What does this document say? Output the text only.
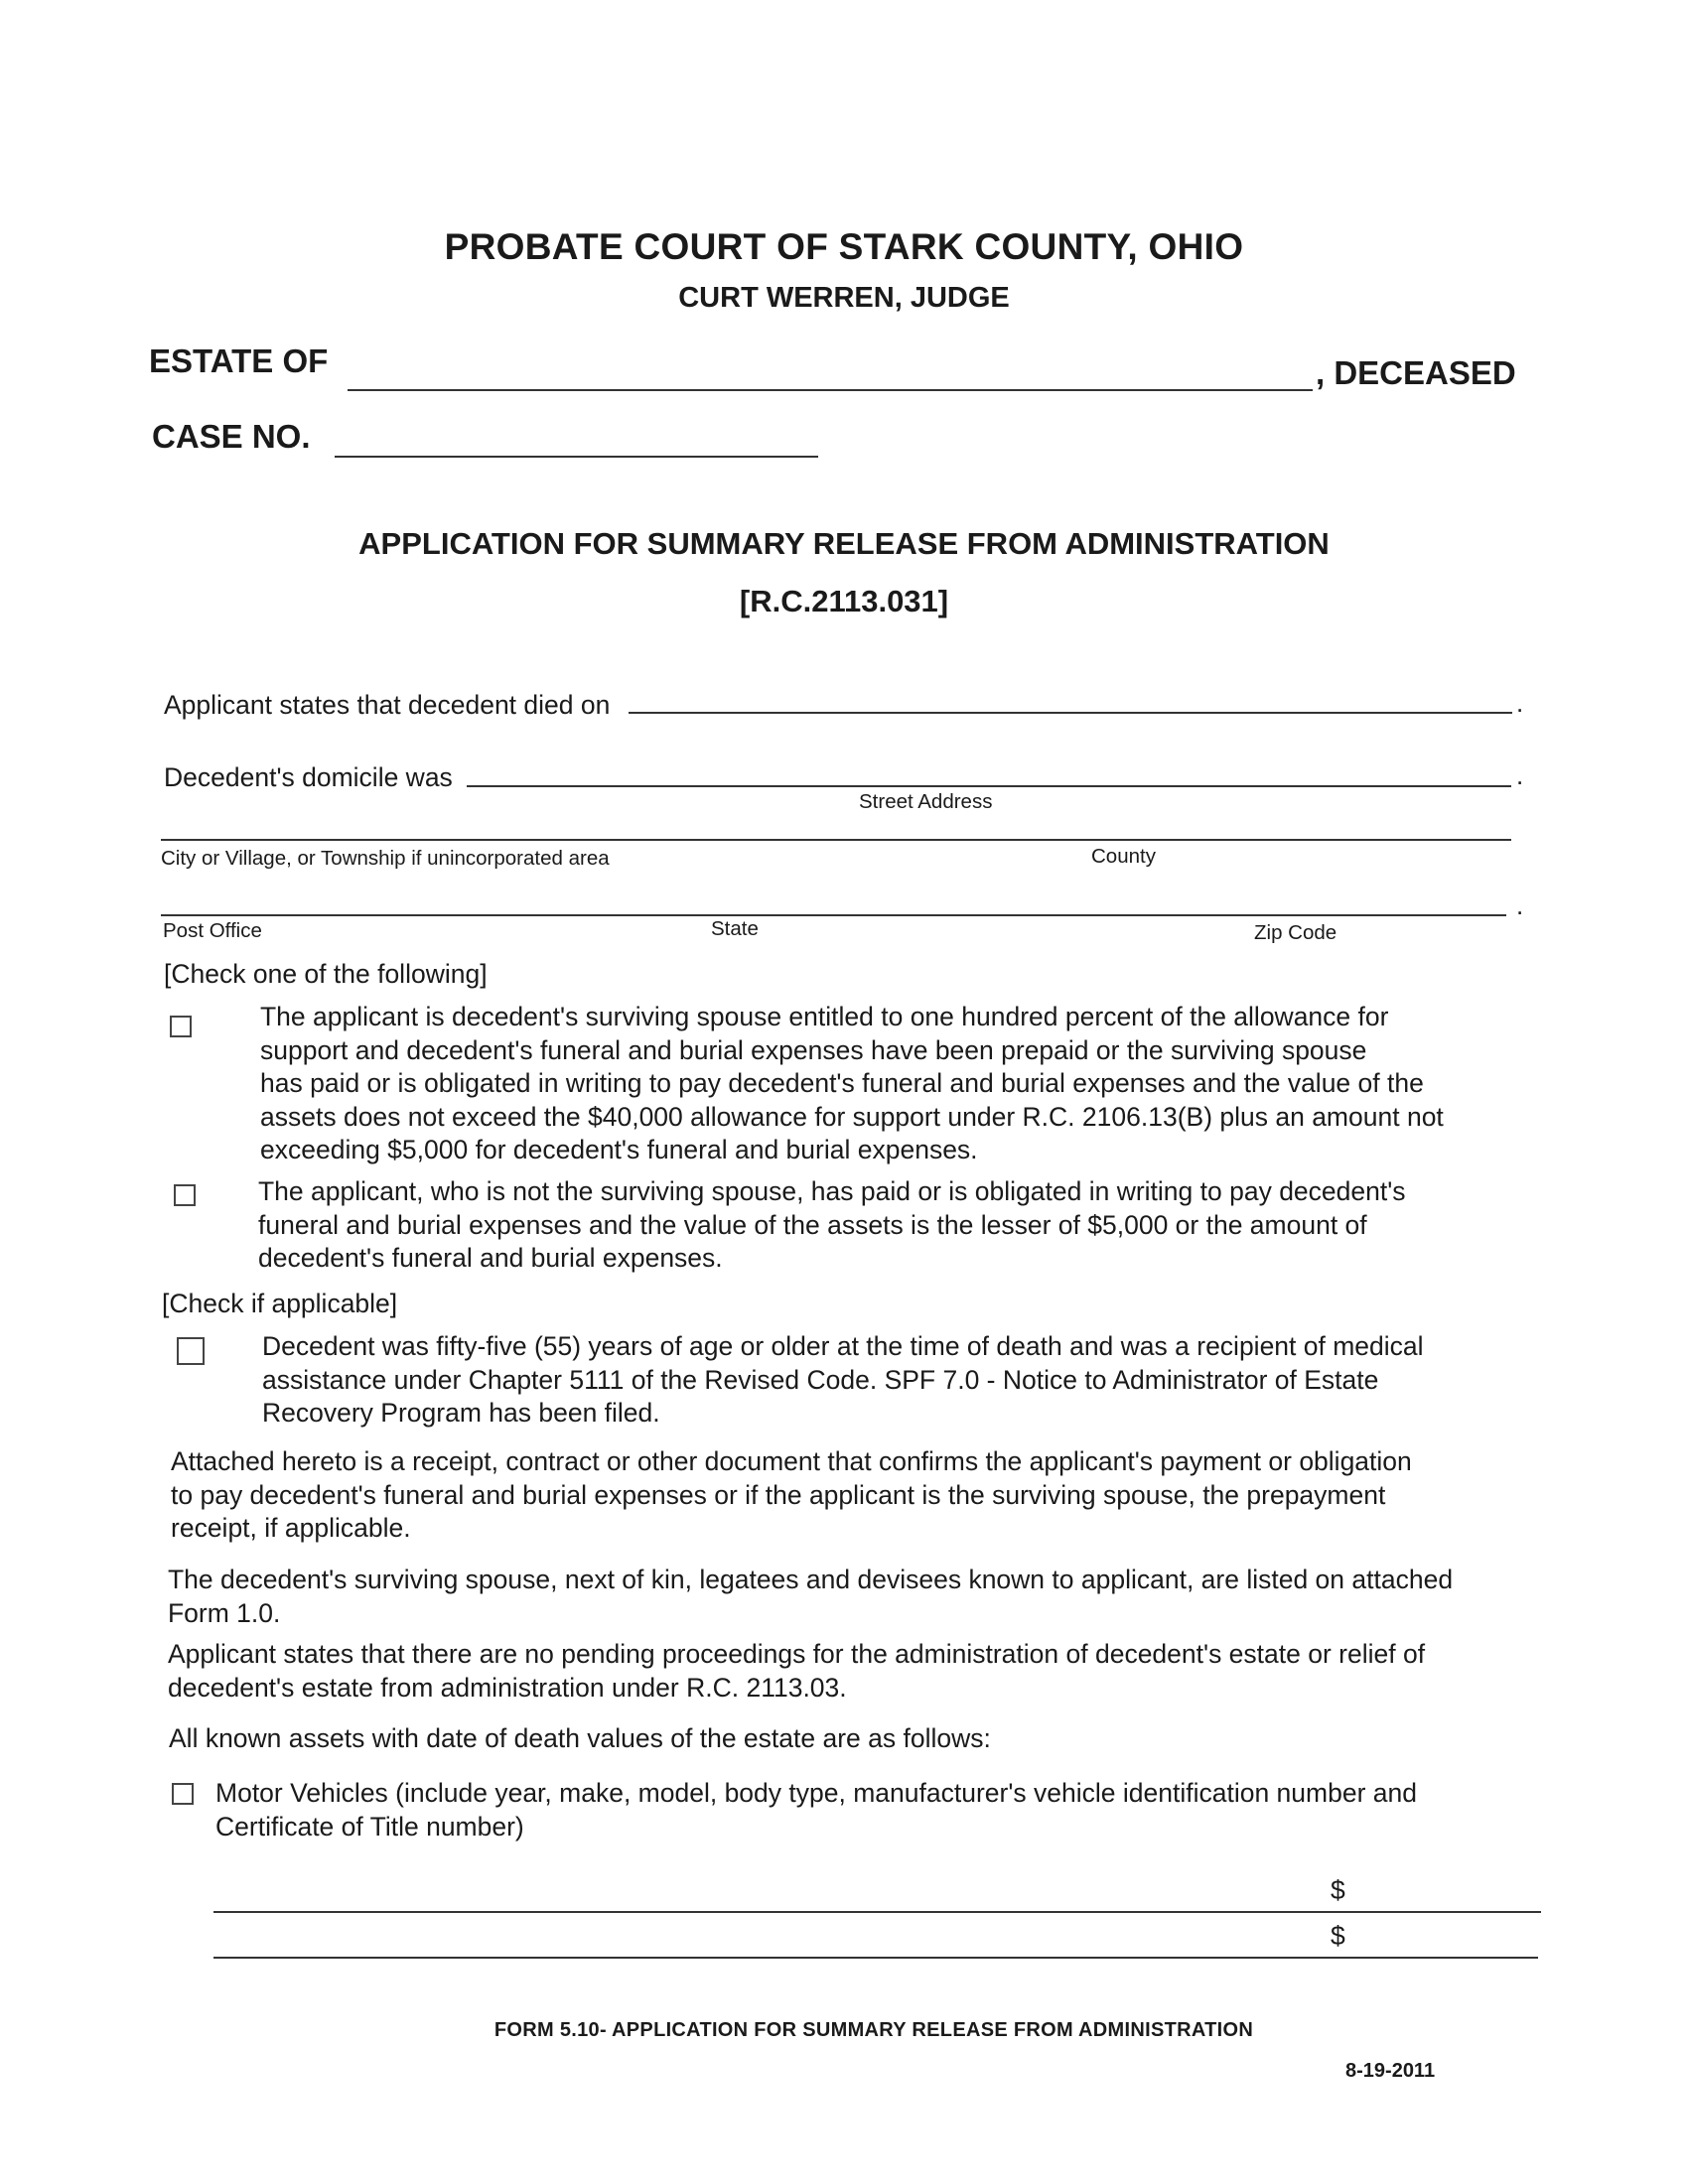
PROBATE COURT OF STARK COUNTY, OHIO
CURT WERREN, JUDGE
ESTATE OF	, DECEASED
CASE NO.
APPLICATION FOR SUMMARY RELEASE FROM ADMINISTRATION
[R.C.2113.031]
Applicant states that decedent died on	.
Decedent's domicile was	.
Street Address
City or Village, or Township if unincorporated area	County
.
Post Office	State	Zip Code
[Check one of the following]
The applicant is decedent's surviving spouse entitled to one hundred percent of the allowance for
support and decedent's funeral and burial expenses have been prepaid or the surviving spouse
has paid or is obligated in writing to pay decedent's funeral and burial expenses and the value of the
assets does not exceed the $40,000 allowance for support under R.C. 2106.13(B) plus an amount not
exceeding $5,000 for decedent's funeral and burial expenses.
The applicant, who is not the surviving spouse, has paid or is obligated in writing to pay decedent's
funeral and burial expenses and the value of the assets is the lesser of $5,000 or the amount of
decedent's funeral and burial expenses.
[Check if applicable]
Decedent was fifty-five (55) years of age or older at the time of death and was a recipient of medical
assistance under Chapter 5111 of the Revised Code. SPF 7.0 - Notice to Administrator of Estate
Recovery Program has been filed.
Attached hereto is a receipt, contract or other document that confirms the applicant's payment or obligation
to pay decedent's funeral and burial expenses or if the applicant is the surviving spouse, the prepayment
receipt, if applicable.
The decedent's surviving spouse, next of kin, legatees and devisees known to applicant, are listed on attached
Form 1.0.
Applicant states that there are no pending proceedings for the administration of decedent's estate or relief of
decedent's estate from administration under R.C. 2113.03.
All known assets with date of death values of the estate are as follows:
Motor Vehicles (include year, make, model, body type, manufacturer's vehicle identification number and
Certificate of Title number)
$
$
FORM 5.10- APPLICATION FOR SUMMARY RELEASE FROM ADMINISTRATION
8-19-2011
